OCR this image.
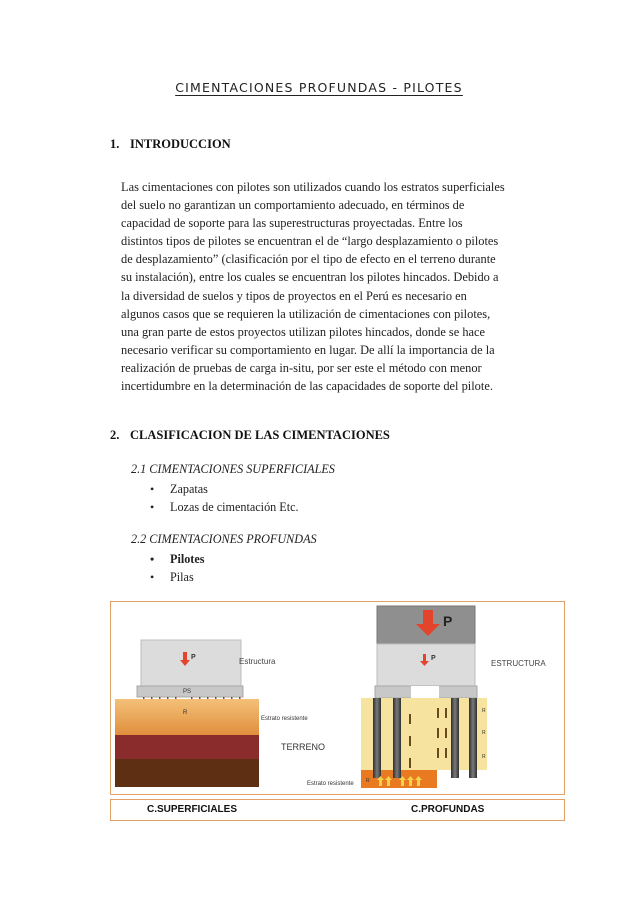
CIMENTACIONES PROFUNDAS - PILOTES
1. INTRODUCCION
Las cimentaciones con pilotes son utilizados cuando los estratos superficiales
del suelo no garantizan un comportamiento adecuado, en términos de
capacidad de soporte para las superestructuras proyectadas. Entre los
distintos tipos de pilotes se encuentran el de “largo desplazamiento o pilotes
de desplazamiento” (clasificación por el tipo de efecto en el terreno durante
su instalación), entre los cuales se encuentran los pilotes hincados. Debido a
la diversidad de suelos y tipos de proyectos en el Perú es necesario en
algunos casos que se requieren la utilización de cimentaciones con pilotes,
una gran parte de estos proyectos utilizan pilotes hincados, donde se hace
necesario verificar su comportamiento en lugar. De allí la importancia de la
realización de pruebas de carga in-situ, por ser este el método con menor
incertidumbre en la determinación de las capacidades de soporte del pilote.
2. CLASIFICACION DE LAS CIMENTACIONES
2.1 CIMENTACIONES SUPERFICIALES
• Zapatas
• Lozas de cimentación Etc.
2.2 CIMENTACIONES PROFUNDAS
• Pilotes
• Pilas
P	Estructura
PS
R
Estrato resistente
TERRENO
P
P
ESTRUCTURA
R
R
R
R
Estrato resistente
C.SUPERFICIALES	C.PROFUNDAS
